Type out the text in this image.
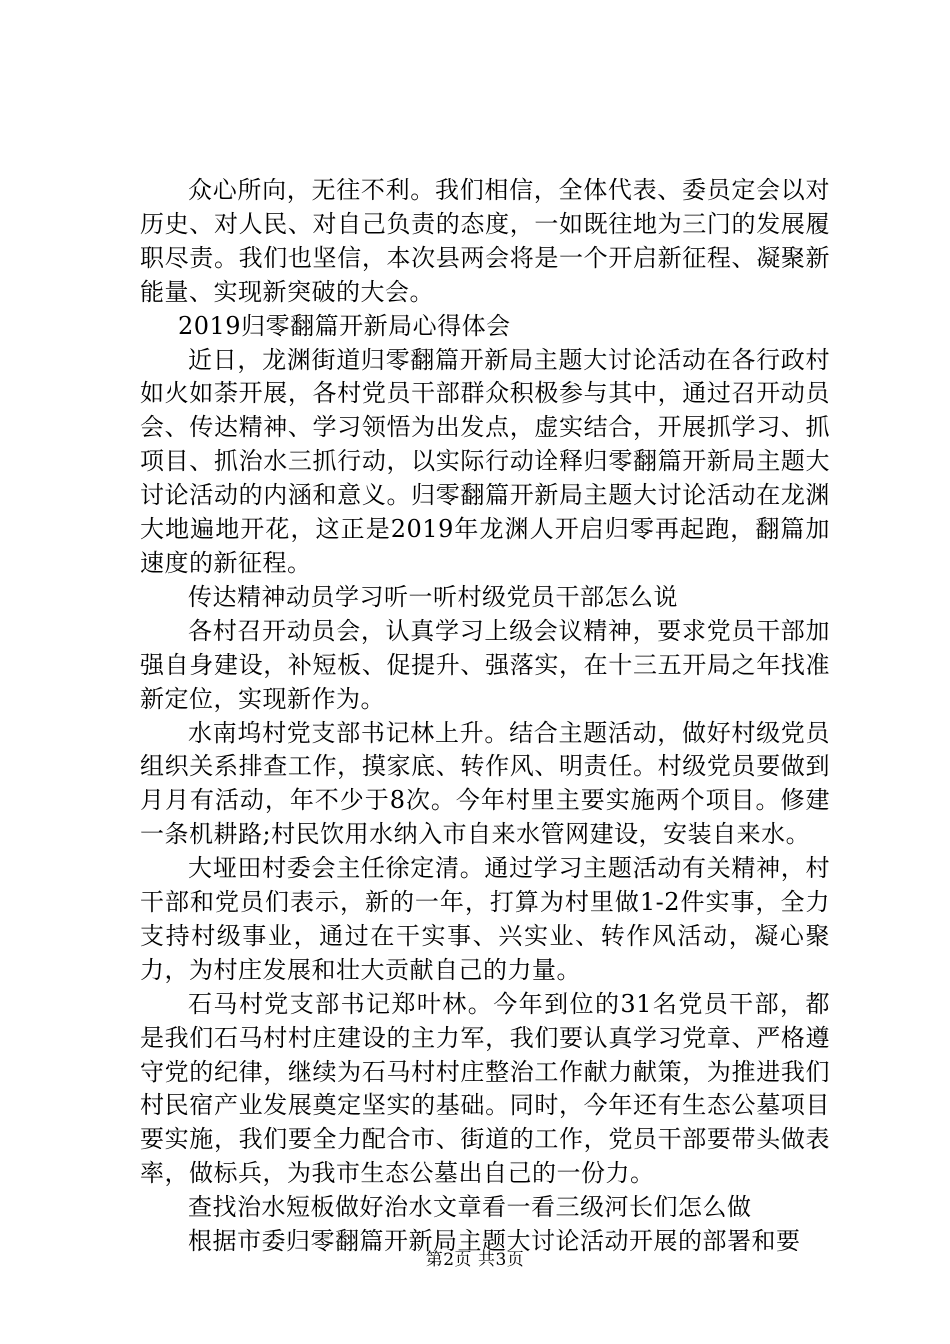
众心所向，无往不利。我们相信，全体代表、委员定会以对历史、对人民、对自己负责的态度，一如既往地为三门的发展履职尽责。我们也坚信，本次县两会将是一个开启新征程、凝聚新能量、实现新突破的大会。

2019归零翻篇开新局心得体会

近日，龙渊街道归零翻篇开新局主题大讨论活动在各行政村如火如荼开展，各村党员干部群众积极参与其中，通过召开动员会、传达精神、学习领悟为出发点，虚实结合，开展抓学习、抓项目、抓治水三抓行动，以实际行动诠释归零翻篇开新局主题大讨论活动的内涵和意义。归零翻篇开新局主题大讨论活动在龙渊大地遍地开花，这正是2019年龙渊人开启归零再起跑，翻篇加速度的新征程。

传达精神动员学习听一听村级党员干部怎么说

各村召开动员会，认真学习上级会议精神，要求党员干部加强自身建设，补短板、促提升、强落实，在十三五开局之年找准新定位，实现新作为。

水南坞村党支部书记林上升。结合主题活动，做好村级党员组织关系排查工作，摸家底、转作风、明责任。村级党员要做到月月有活动，年不少于8次。今年村里主要实施两个项目。修建一条机耕路;村民饮用水纳入市自来水管网建设，安装自来水。

大垭田村委会主任徐定清。通过学习主题活动有关精神，村干部和党员们表示，新的一年，打算为村里做1-2件实事，全力支持村级事业，通过在干实事、兴实业、转作风活动，凝心聚力，为村庄发展和壮大贡献自己的力量。

石马村党支部书记郑叶林。今年到位的31名党员干部，都是我们石马村村庄建设的主力军，我们要认真学习党章、严格遵守党的纪律，继续为石马村村庄整治工作献力献策，为推进我们村民宿产业发展奠定坚实的基础。同时，今年还有生态公墓项目要实施，我们要全力配合市、街道的工作，党员干部要带头做表率，做标兵，为我市生态公墓出自己的一份力。

查找治水短板做好治水文章看一看三级河长们怎么做

根据市委归零翻篇开新局主题大讨论活动开展的部署和要

第2页 共3页
